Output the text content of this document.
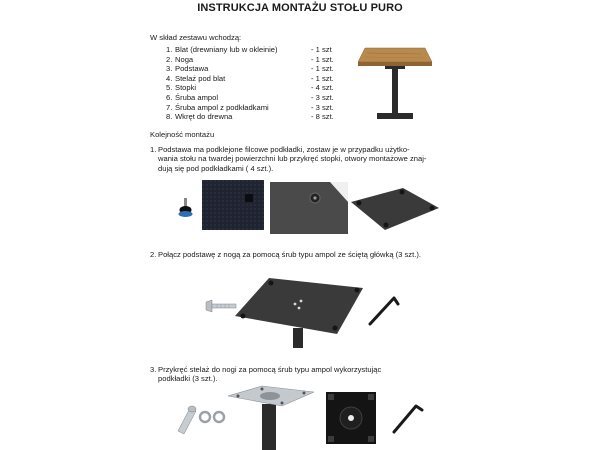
INSTRUKCJA MONTAŻU STOŁU PURO
W skład zestawu wchodzą:
1. Blat (drewniany lub w okleinie)	- 1 szt
2. Noga	- 1 szt.
3. Podstawa	- 1 szt.
4. Stelaż pod blat	- 1 szt.
5. Stopki	- 4 szt.
6. Śruba ampol	- 3 szt.
7. Śruba ampol z podkładkami	- 3 szt.
8. Wkręt do drewna	- 8 szt.
Kolejność montażu
1. Podstawa ma podklejone filcowe podkładki, zostaw je w przypadku użytko-
wania stołu na twardej powierzchni lub przykręć stopki, otwory montażowe znaj-
dują się pod podkładkami ( 4 szt.).
2. Połącz podstawę z nogą za pomocą śrub typu ampol ze ściętą główką (3 szt.).
3. Przykręć stelaż do nogi za pomocą śrub typu ampol wykorzystując
podkładki (3 szt.).
